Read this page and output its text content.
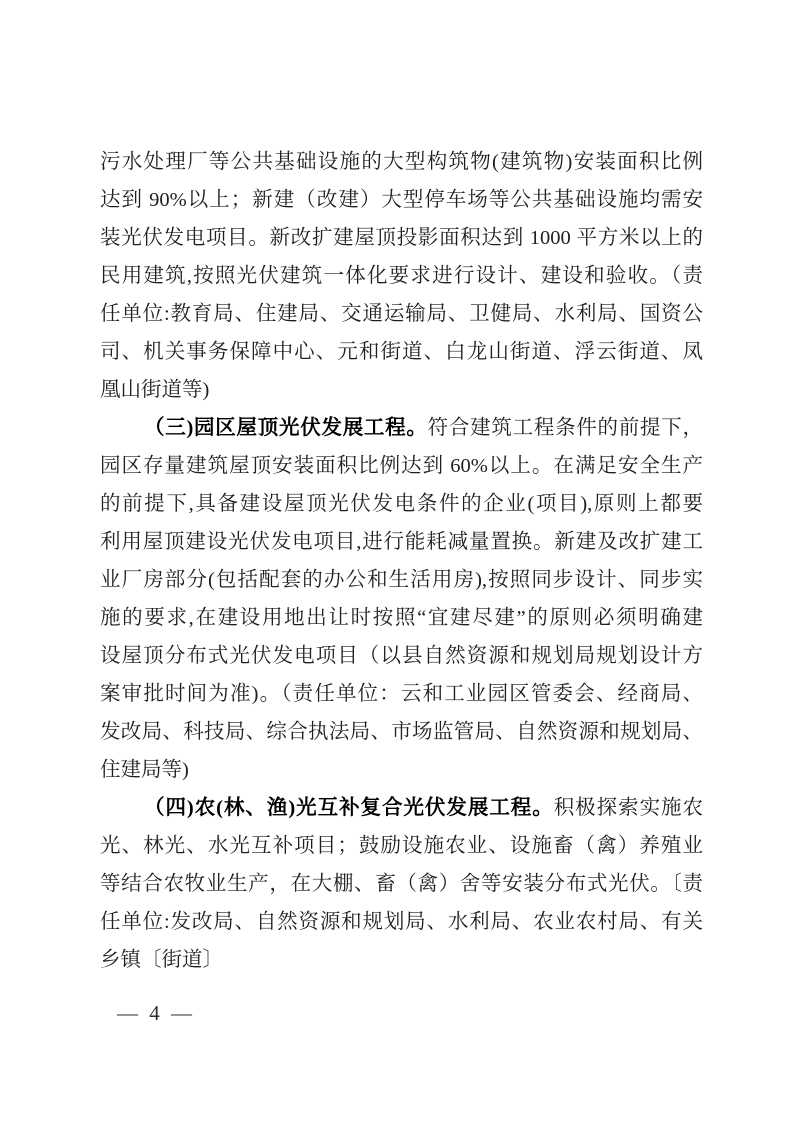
污水处理厂等公共基础设施的大型构筑物(建筑物)安装面积比例
达到 90%以上；新建（改建）大型停车场等公共基础设施均需安
装光伏发电项目。新改扩建屋顶投影面积达到 1000 平方米以上的
民用建筑,按照光伏建筑一体化要求进行设计、建设和验收。（责
任单位:教育局、住建局、交通运输局、卫健局、水利局、国资公
司、机关事务保障中心、元和街道、白龙山街道、浮云街道、凤
凰山街道等)
（三)园区屋顶光伏发展工程。符合建筑工程条件的前提下，
园区存量建筑屋顶安装面积比例达到 60%以上。在满足安全生产
的前提下,具备建设屋顶光伏发电条件的企业(项目),原则上都要
利用屋顶建设光伏发电项目,进行能耗减量置换。新建及改扩建工
业厂房部分(包括配套的办公和生活用房),按照同步设计、同步实
施的要求,在建设用地出让时按照“宜建尽建”的原则必须明确建
设屋顶分布式光伏发电项目（以县自然资源和规划局规划设计方
案审批时间为准)。（责任单位：云和工业园区管委会、经商局、
发改局、科技局、综合执法局、市场监管局、自然资源和规划局、
住建局等)
（四)农(林、渔)光互补复合光伏发展工程。积极探索实施农
光、林光、水光互补项目；鼓励设施农业、设施畜（禽）养殖业
等结合农牧业生产，在大棚、畜（禽）舍等安装分布式光伏。〔责
任单位:发改局、自然资源和规划局、水利局、农业农村局、有关
乡镇〔街道〕
— 4 —
